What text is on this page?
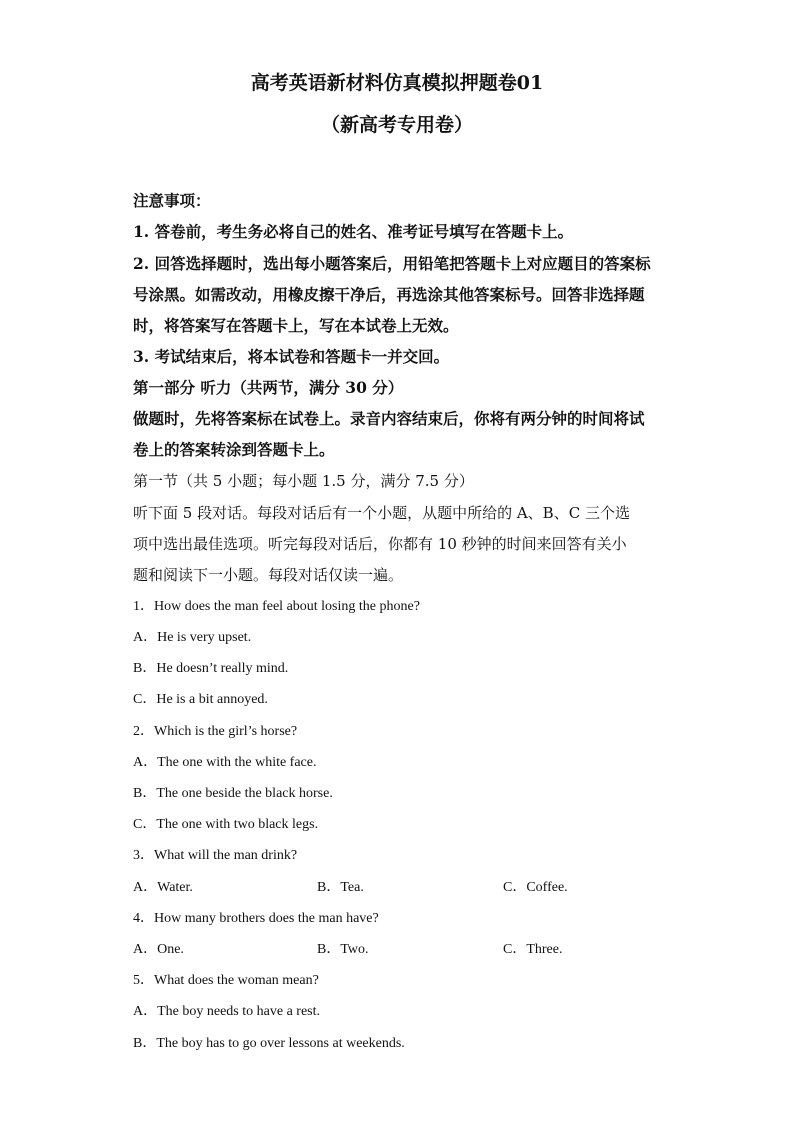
高考英语新材料仿真模拟押题卷01
（新高考专用卷）
注意事项：
1. 答卷前，考生务必将自己的姓名、准考证号填写在答题卡上。
2. 回答选择题时，选出每小题答案后，用铅笔把答题卡上对应题目的答案标
号涂黑。如需改动，用橡皮擦干净后，再选涂其他答案标号。回答非选择题
时，将答案写在答题卡上，写在本试卷上无效。
3. 考试结束后，将本试卷和答题卡一并交回。
第一部分 听力（共两节，满分 30 分）
做题时，先将答案标在试卷上。录音内容结束后，你将有两分钟的时间将试
卷上的答案转涂到答题卡上。
第一节（共 5 小题；每小题 1.5 分，满分 7.5 分）
听下面 5 段对话。每段对话后有一个小题，从题中所给的 A、B、C 三个选
项中选出最佳选项。听完每段对话后，你都有 10 秒钟的时间来回答有关小
题和阅读下一小题。每段对话仅读一遍。
1．How does the man feel about losing the phone?
A．He is very upset.
B．He doesn’t really mind.
C．He is a bit annoyed.
2．Which is the girl’s horse?
A．The one with the white face.
B．The one beside the black horse.
C．The one with two black legs.
3．What will the man drink?
A．Water.	B．Tea.	C．Coffee.
4．How many brothers does the man have?
A．One.	B．Two.	C．Three.
5．What does the woman mean?
A．The boy needs to have a rest.
B．The boy has to go over lessons at weekends.
